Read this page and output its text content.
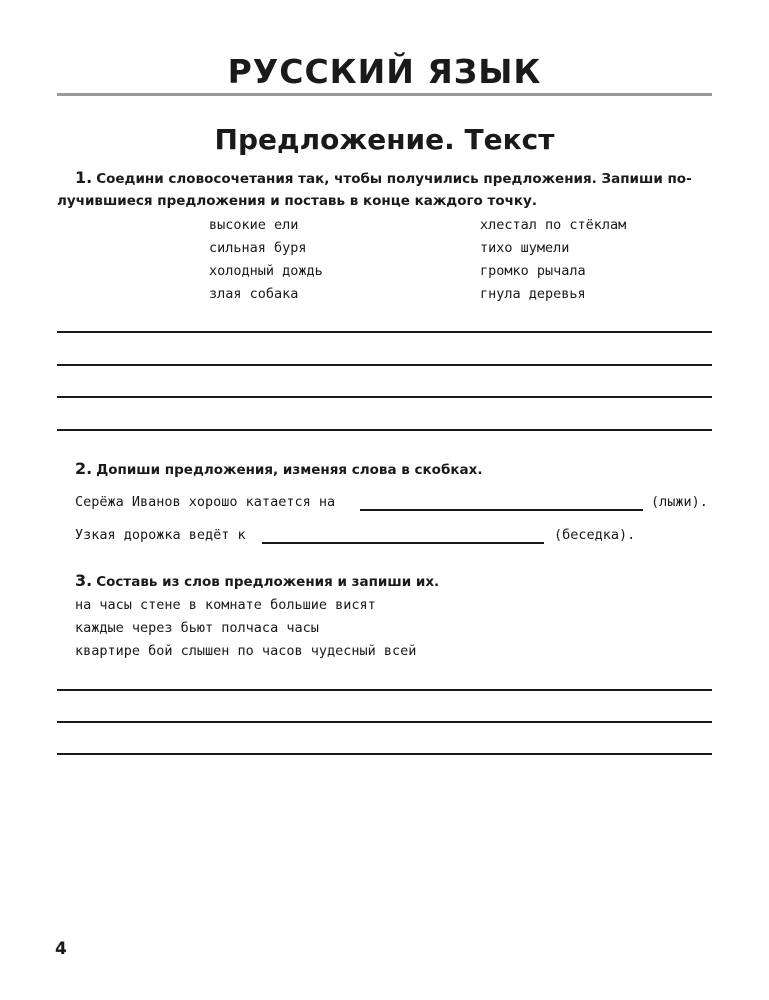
РУССКИЙ ЯЗЫК
Предложение. Текст
1. Соедини словосочетания так, чтобы получились предложения. Запиши по-
лучившиеся предложения и поставь в конце каждого точку.
высокие ели
сильная буря
холодный дождь
злая собака
хлестал по стёклам
тихо шумели
громко рычала
гнула деревья
2. Допиши предложения, изменяя слова в скобках.
Серёжа Иванов хорошо катается на	(лыжи).
Узкая дорожка ведёт к	(беседка).
3. Составь из слов предложения и запиши их.
на часы стене в комнате большие висят
каждые через бьют полчаса часы
квартире бой слышен по часов чудесный всей
4
